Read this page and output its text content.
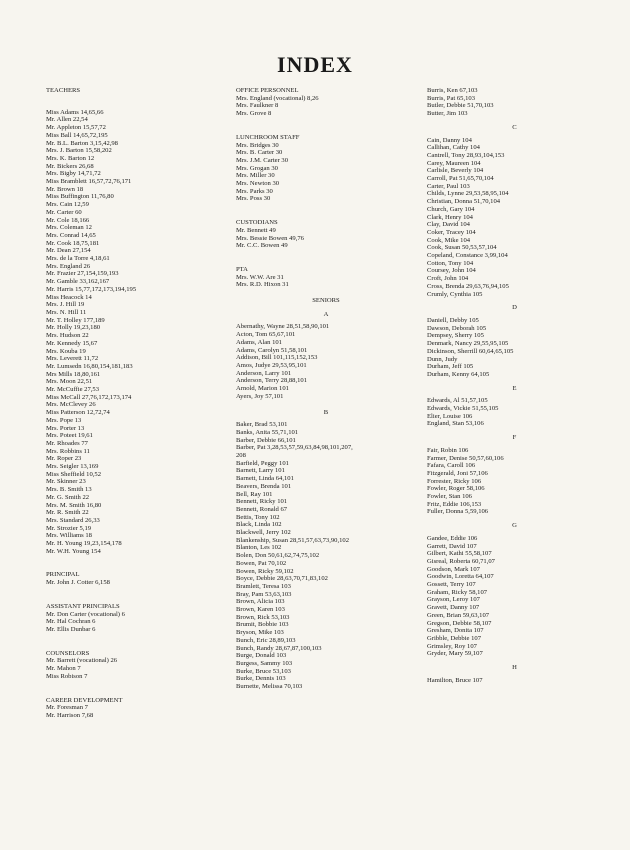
INDEX
TEACHERS
Miss Adams 14,65,66
Mr. Allen 22,54
Mr. Appleton 15,57,72
Miss Ball 14,65,72,195
Mr. B.L. Barton 3,15,42,98
Mrs. J. Barton 15,58,202
Mrs. K. Barton 12
Mr. Bickers 26,68
Mrs. Bigby 14,71,72
Miss Bramblett 16,57,72,76,171
Mr. Brown 18
Miss Buffington 11,76,80
Mrs. Cain 12,59
Mr. Carter 60
Mr. Cole 18,166
Mrs. Coleman 12
Mrs. Conrad 14,65
Mr. Cook 18,75,181
Mr. Dean 27,154
Mrs. de la Torre 4,18,61
Mrs. England 26
Mr. Frazier 27,154,159,193
Mr. Gamble 33,162,167
Mr. Harris 15,77,172,173,194,195
Miss Heacock 14
Mrs. J. Hill 19
Mrs. N. Hill 11
Mr. T. Holley 177,189
Mr. Holly 19,23,180
Mrs. Hudson 22
Mr. Kennedy 15,67
Mrs. Kouba 19
Mrs. Leverett 11,72
Mr. Lumsedn 16,80,154,181,183
Mrs Mills 18,80,161
Mrs. Moon 22,51
Mr. McCuffie 27,53
Miss McCall 27,76,172,173,174
Mrs. McClevey 26
Miss Patterson 12,72,74
Mrs. Pope 13
Mrs. Porter 13
Mrs. Poteet 19,61
Mr. Rhoades 77
Mrs. Robbins 11
Mr. Roper 23
Mrs. Seigler 13,169
Miss Sheffield 10,52
Mr. Skinner 23
Mrs. B. Smith 13
Mr. G. Smith 22
Mrs. M. Smith 16,80
Mr. R. Smith 22
Mrs. Standard 26,33
Mr. Strozier 5,19
Mrs. Williams 18
Mr. H. Young 19,23,154,178
Mr. W.H. Young 154
PRINCIPAL
Mr. John J. Cotter 6,158
ASSISTANT PRINCIPALS
Mr. Don Carter (vocational) 6
Mr. Hal Cochran 6
Mr. Ellis Dunbar 6
COUNSELORS
Mr. Barrett (vocational) 26
Mr. Mahon 7
Miss Robison 7
CAREER DEVELOPMENT
Mr. Foresman 7
Mr. Harrison 7,68
OFFICE PERSONNEL
Mrs. England (vocational) 8,26
Mrs. Faulkner 8
Mrs. Grove 8
LUNCHROOM STAFF
Mrs. Bridges 30
Mrs. B. Carter 30
Mrs. J.M. Carter 30
Mrs. Grogan 30
Mrs. Miller 30
Mrs. Newton 30
Mrs. Parks 30
Mrs. Poss 30
CUSTODIANS
Mr. Bennett 49
Mrs. Bessie Bowen 49,76
Mr. C.C. Bowen 49
PTA
Mrs. W.W. Are 31
Mrs. R.D. Hixon 31
SENIORS
A
Abernathy, Wayne 28,51,58,90,101
Acton, Tom 65,67,101
Adams, Alan 101
Adams, Carolyn 51,58,101
Addison, Bill 101,115,152,153
Amos, Judye 29,53,95,101
Anderson, Larry 101
Anderson, Terry 28,88,101
Arnold, Marion 101
Ayers, Joy 57,101
B
Baker, Brad 53,101
Banks, Anita 55,71,101
Barber, Debbie 66,101
Barber, Pat 3,28,53,57,59,63,84,98,101,207,
208
Barfield, Peggy 101
Barnett, Larry 101
Barnett, Linda 64,101
Beavers, Brenda 101
Bell, Ray 101
Bennett, Ricky 101
Bennett, Ronald 67
Bettis, Tony 102
Black, Linda 102
Blackwell, Jerry 102
Blankenship, Susan 28,51,57,63,73,90,102
Blanton, Les 102
Bolen, Don 50,61,62,74,75,102
Bowen, Pat 70,102
Bowen, Ricky 59,102
Boyce, Debbie 28,63,70,71,83,102
Bramlett, Teresa 103
Bray, Pam 53,63,103
Brown, Alicia 103
Brown, Karen 103
Brown, Rick 53,103
Brumit, Bobbie 103
Bryson, Mike 103
Bunch, Eric 28,89,103
Bunch, Randy 28,67,87,100,103
Burge, Donald 103
Burgess, Sammy 103
Burke, Bruce 53,103
Burke, Dennis 103
Burnette, Melissa 70,103
Burris, Ken 67,103
Burris, Pat 65,103
Butler, Debbie 51,70,103
Butter, Jim 103
C
Cain, Danny 104
Callihan, Cathy 104
Cantrell, Tony 28,93,104,153
Carey, Maureen 104
Carlisle, Beverly 104
Carroll, Pat 51,65,70,104
Carter, Paul 103
Childs, Lynne 29,53,58,95,104
Christian, Donna 51,70,104
Church, Gary 104
Clark, Henry 104
Clay, David 104
Coker, Tracey 104
Cook, Mike 104
Cook, Susan 50,53,57,104
Copeland, Constance 3,99,104
Cotton, Tony 104
Coursey, John 104
Croft, John 104
Cross, Brenda 29,63,76,94,105
Crumly, Cynthia 105
D
Daniell, Debby 105
Dawson, Deborah 105
Dempsey, Sherry 105
Denmark, Nancy 29,55,95,105
Dickinson, Sherrill 60,64,65,105
Dunn, Judy
Durham, Jeff 105
Durham, Kenny 64,105
E
Edwards, Al 51,57,105
Edwards, Vickie 51,55,105
Elier, Louise 106
England, Stan 53,106
F
Fair, Robin 106
Farmer, Denise 50,57,60,106
Fafara, Caroll 106
Fitzgerald, Joni 57,106
Forrester, Ricky 106
Fowler, Roger 58,106
Fowler, Stan 106
Fritz, Eddie 106,153
Fuller, Donna 5,59,106
G
Gandee, Eddie 106
Garrett, David 107
Gilbert, Kathi 55,58,107
Gisreal, Roberta 60,71,07
Goodson, Mark 107
Goodwin, Loretta 64,107
Gossett, Terry 107
Graham, Ricky 58,107
Grayson, Leroy 107
Gravett, Danny 107
Green, Brian 59,63,107
Gregson, Debbie 58,107
Gresham, Donita 107
Gribble, Debbie 107
Grimsley, Roy 107
Gryder, Mary 59,107
H
Hamilton, Bruce 107
